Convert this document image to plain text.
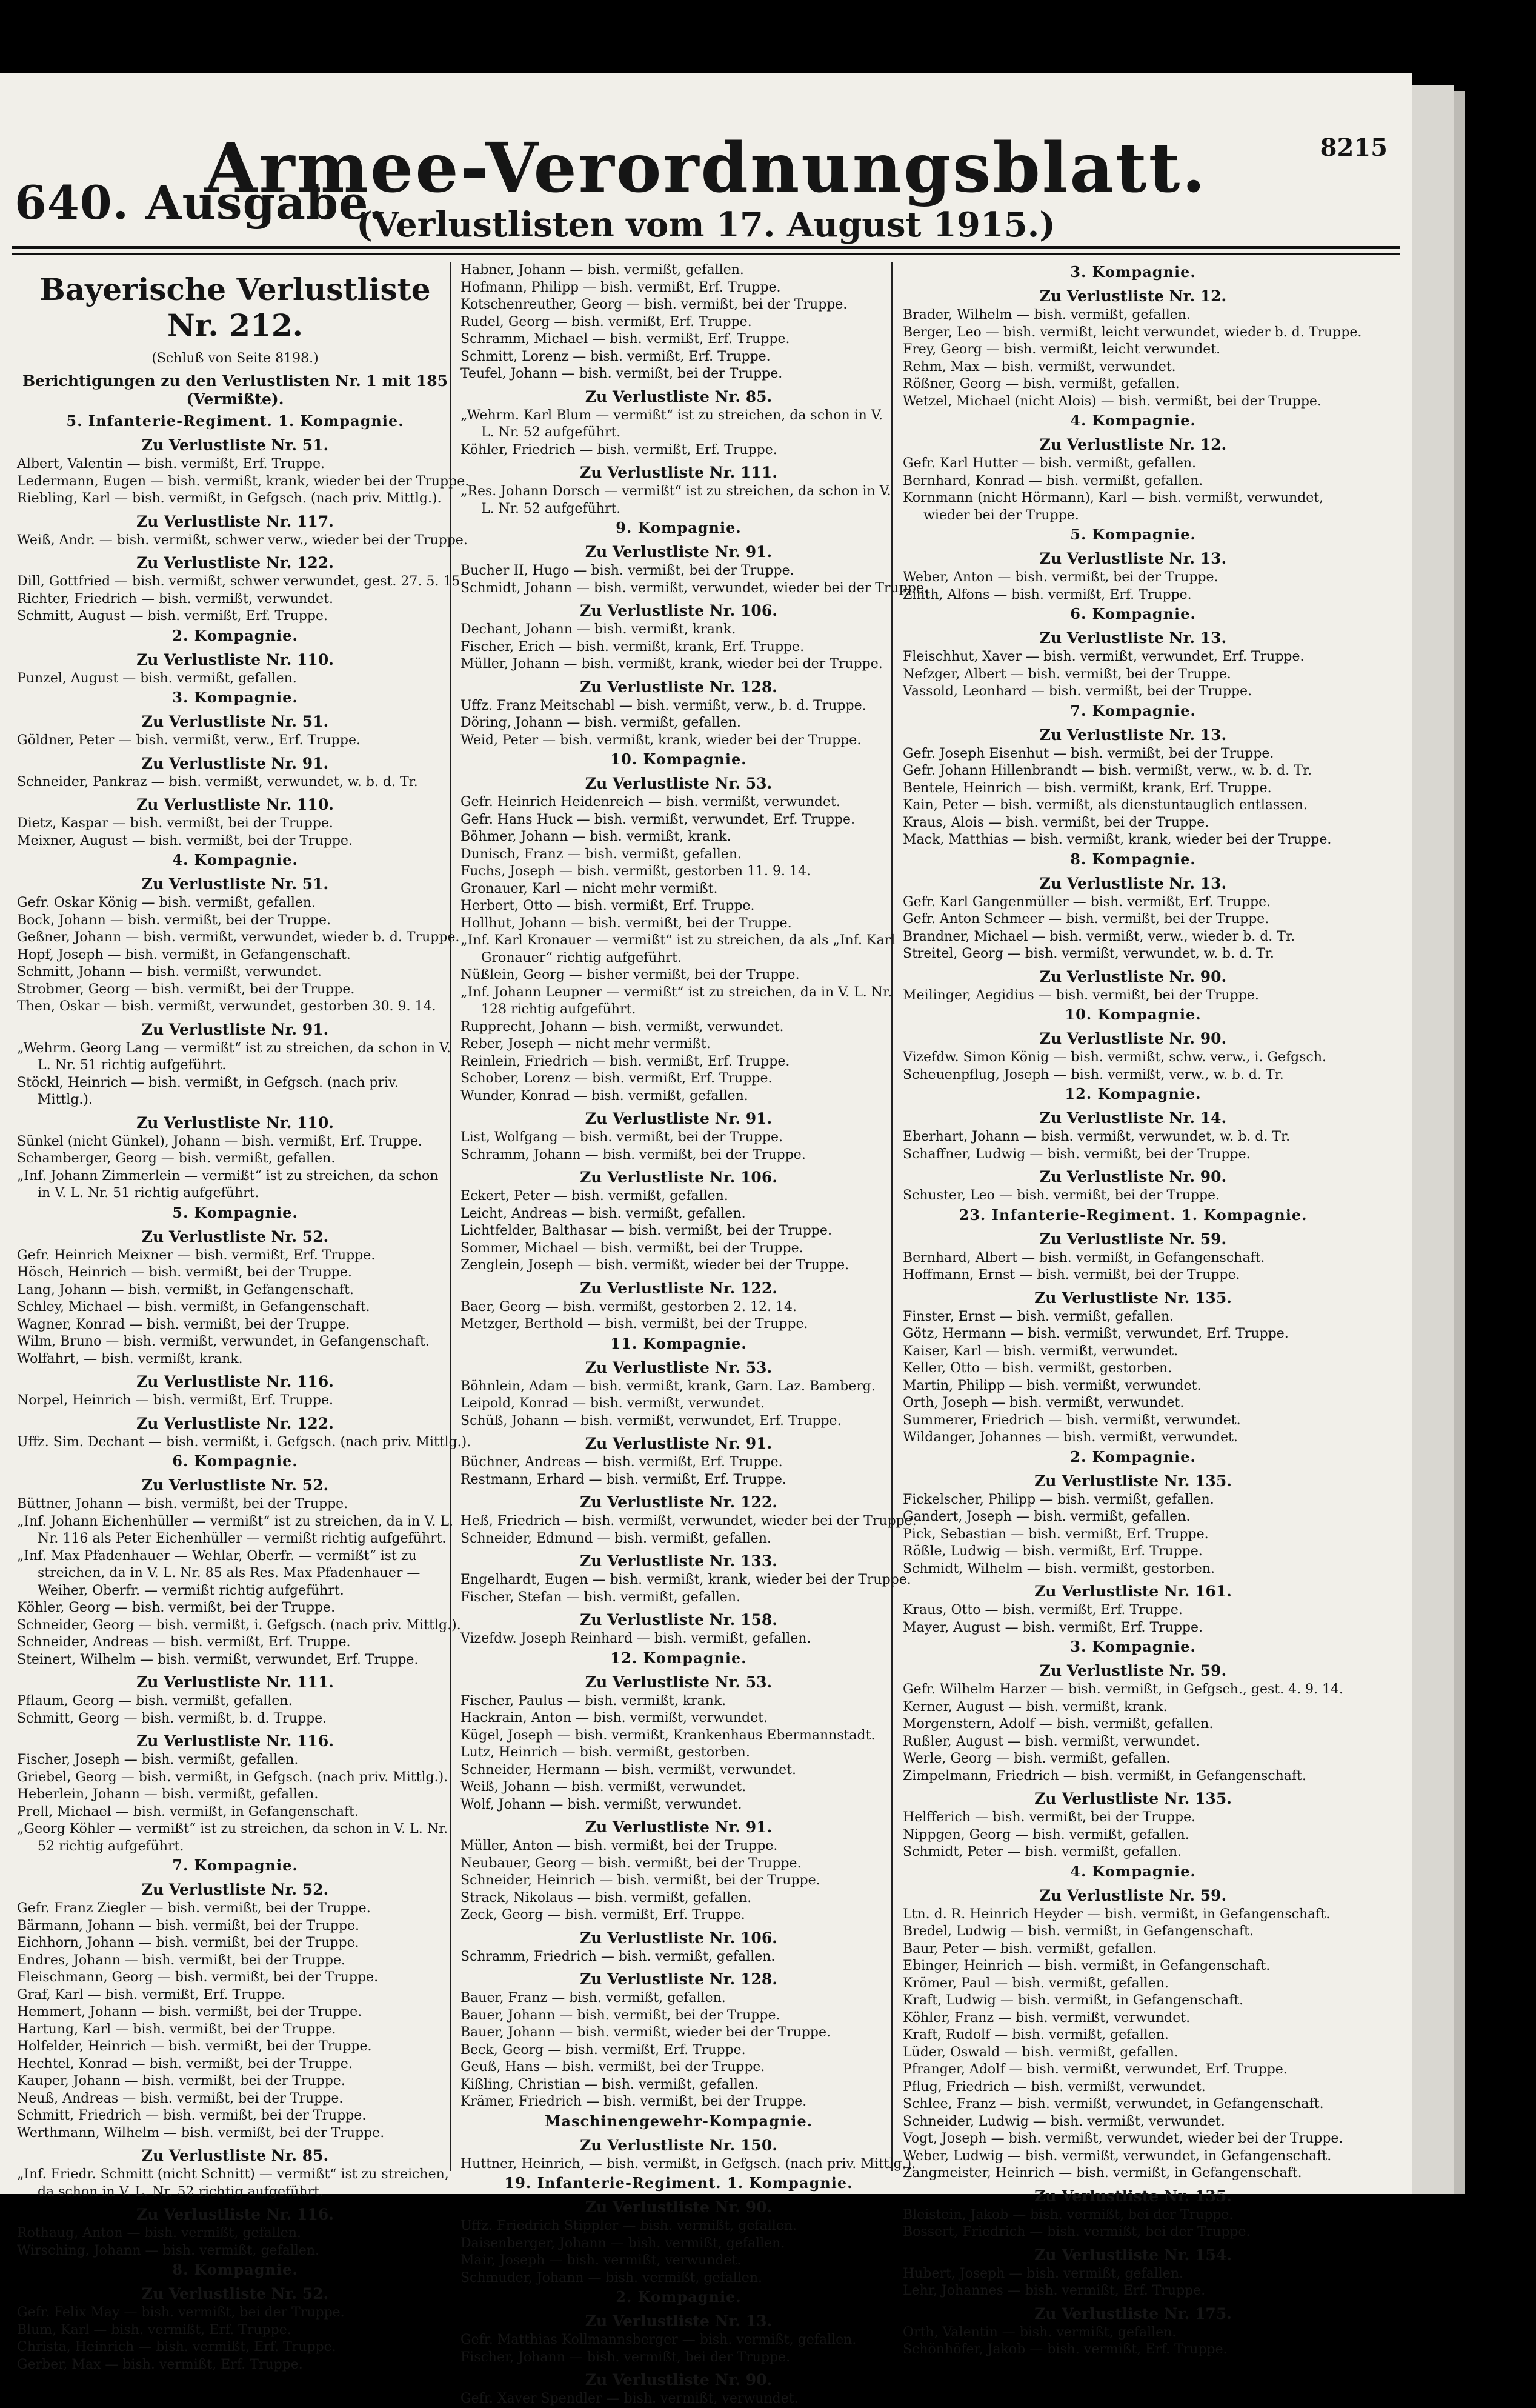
640. Ausgabe.
Armee-Verordnungsblatt.
(Verlustlisten vom 17. August 1915.)
8215
Bayerische Verlustliste Nr. 212.
(Schluß von Seite 8198.)
Berichtigungen zu den Verlustlisten Nr. 1 mit 185 (Vermißte).
5. Infanterie-Regiment. 1. Kompagnie.
Zu Verlustliste Nr. 51.
Albert, Valentin — bish. vermißt, Erf. Truppe.
Ledermann, Eugen — bish. vermißt, krank, wieder bei der Truppe.
Riebling, Karl — bish. vermißt, in Gefgsch. (nach priv. Mittlg.).
Zu Verlustliste Nr. 117.
Weiß, Andr. — bish. vermißt, schwer verw., wieder bei der Truppe.
Zu Verlustliste Nr. 122.
Dill, Gottfried — bish. vermißt, schwer verwundet, gest. 27. 5. 15.
Richter, Friedrich — bish. vermißt, verwundet.
Schmitt, August — bish. vermißt, Erf. Truppe.
2. Kompagnie.
Zu Verlustliste Nr. 110.
Punzel, August — bish. vermißt, gefallen.
3. Kompagnie.
Zu Verlustliste Nr. 51.
Göldner, Peter — bish. vermißt, verw., Erf. Truppe.
Zu Verlustliste Nr. 91.
Schneider, Pankraz — bish. vermißt, verwundet, w. b. d. Tr.
Zu Verlustliste Nr. 110.
Dietz, Kaspar — bish. vermißt, bei der Truppe.
Meixner, August — bish. vermißt, bei der Truppe.
4. Kompagnie.
Zu Verlustliste Nr. 51.
Gefr. Oskar König — bish. vermißt, gefallen.
Bock, Johann — bish. vermißt, bei der Truppe.
Geßner, Johann — bish. vermißt, verwundet, wieder b. d. Truppe.
Hopf, Joseph — bish. vermißt, in Gefangenschaft.
Schmitt, Johann — bish. vermißt, verwundet.
Strobmer, Georg — bish. vermißt, bei der Truppe.
Then, Oskar — bish. vermißt, verwundet, gestorben 30. 9. 14.
Zu Verlustliste Nr. 91.
„Wehrm. Georg Lang — vermißt“ ist zu streichen, da schon in V. L. Nr. 51 richtig aufgeführt.
Stöckl, Heinrich — bish. vermißt, in Gefgsch. (nach priv. Mittlg.).
Zu Verlustliste Nr. 110.
Sünkel (nicht Günkel), Johann — bish. vermißt, Erf. Truppe.
Schamberger, Georg — bish. vermißt, gefallen.
„Inf. Johann Zimmerlein — vermißt“ ist zu streichen, da schon in V. L. Nr. 51 richtig aufgeführt.
5. Kompagnie.
Zu Verlustliste Nr. 52.
Gefr. Heinrich Meixner — bish. vermißt, Erf. Truppe.
Hösch, Heinrich — bish. vermißt, bei der Truppe.
Lang, Johann — bish. vermißt, in Gefangenschaft.
Schley, Michael — bish. vermißt, in Gefangenschaft.
Wagner, Konrad — bish. vermißt, bei der Truppe.
Wilm, Bruno — bish. vermißt, verwundet, in Gefangenschaft.
Wolfahrt, — bish. vermißt, krank.
Zu Verlustliste Nr. 116.
Norpel, Heinrich — bish. vermißt, Erf. Truppe.
Zu Verlustliste Nr. 122.
Uffz. Sim. Dechant — bish. vermißt, i. Gefgsch. (nach priv. Mittlg.).
6. Kompagnie.
Zu Verlustliste Nr. 52.
Büttner, Johann — bish. vermißt, bei der Truppe.
„Inf. Johann Eichenhüller — vermißt“ ist zu streichen, da in V. L. Nr. 116 als Peter Eichenhüller — vermißt richtig aufgeführt.
„Inf. Max Pfadenhauer — Wehlar, Oberfr. — vermißt“ ist zu streichen, da in V. L. Nr. 85 als Res. Max Pfadenhauer — Weiher, Oberfr. — vermißt richtig aufgeführt.
Köhler, Georg — bish. vermißt, bei der Truppe.
Schneider, Georg — bish. vermißt, i. Gefgsch. (nach priv. Mittlg.).
Schneider, Andreas — bish. vermißt, Erf. Truppe.
Steinert, Wilhelm — bish. vermißt, verwundet, Erf. Truppe.
Zu Verlustliste Nr. 111.
Pflaum, Georg — bish. vermißt, gefallen.
Schmitt, Georg — bish. vermißt, b. d. Truppe.
Zu Verlustliste Nr. 116.
Fischer, Joseph — bish. vermißt, gefallen.
Griebel, Georg — bish. vermißt, in Gefgsch. (nach priv. Mittlg.).
Heberlein, Johann — bish. vermißt, gefallen.
Prell, Michael — bish. vermißt, in Gefangenschaft.
„Georg Köhler — vermißt“ ist zu streichen, da schon in V. L. Nr. 52 richtig aufgeführt.
7. Kompagnie.
Zu Verlustliste Nr. 52.
Gefr. Franz Ziegler — bish. vermißt, bei der Truppe.
Bärmann, Johann — bish. vermißt, bei der Truppe.
Eichhorn, Johann — bish. vermißt, bei der Truppe.
Endres, Johann — bish. vermißt, bei der Truppe.
Fleischmann, Georg — bish. vermißt, bei der Truppe.
Graf, Karl — bish. vermißt, Erf. Truppe.
Hemmert, Johann — bish. vermißt, bei der Truppe.
Hartung, Karl — bish. vermißt, bei der Truppe.
Holfelder, Heinrich — bish. vermißt, bei der Truppe.
Hechtel, Konrad — bish. vermißt, bei der Truppe.
Kauper, Johann — bish. vermißt, bei der Truppe.
Neuß, Andreas — bish. vermißt, bei der Truppe.
Schmitt, Friedrich — bish. vermißt, bei der Truppe.
Werthmann, Wilhelm — bish. vermißt, bei der Truppe.
Zu Verlustliste Nr. 85.
„Inf. Friedr. Schmitt (nicht Schnitt) — vermißt“ ist zu streichen, da schon in V. L. Nr. 52 richtig aufgeführt.
Zu Verlustliste Nr. 116.
Rothaug, Anton — bish. vermißt, gefallen.
Wirsching, Johann — bish. vermißt, gefallen.
8. Kompagnie.
Zu Verlustliste Nr. 52.
Gefr. Felix May — bish. vermißt, bei der Truppe.
Blum, Karl — bish. vermißt, Erf. Truppe.
Christa, Heinrich — bish. vermißt, Erf. Truppe.
Gerber, Max — bish. vermißt, Erf. Truppe.
Habner, Johann — bish. vermißt, gefallen.
Hofmann, Philipp — bish. vermißt, Erf. Truppe.
Kotschenreuther, Georg — bish. vermißt, bei der Truppe.
Rudel, Georg — bish. vermißt, Erf. Truppe.
Schramm, Michael — bish. vermißt, Erf. Truppe.
Schmitt, Lorenz — bish. vermißt, Erf. Truppe.
Teufel, Johann — bish. vermißt, bei der Truppe.
Zu Verlustliste Nr. 85.
„Wehrm. Karl Blum — vermißt“ ist zu streichen, da schon in V. L. Nr. 52 aufgeführt.
Köhler, Friedrich — bish. vermißt, Erf. Truppe.
Zu Verlustliste Nr. 111.
„Res. Johann Dorsch — vermißt“ ist zu streichen, da schon in V. L. Nr. 52 aufgeführt.
9. Kompagnie.
Zu Verlustliste Nr. 91.
Bucher II, Hugo — bish. vermißt, bei der Truppe.
Schmidt, Johann — bish. vermißt, verwundet, wieder bei der Truppe.
Zu Verlustliste Nr. 106.
Dechant, Johann — bish. vermißt, krank.
Fischer, Erich — bish. vermißt, krank, Erf. Truppe.
Müller, Johann — bish. vermißt, krank, wieder bei der Truppe.
Zu Verlustliste Nr. 128.
Uffz. Franz Meitschabl — bish. vermißt, verw., b. d. Truppe.
Döring, Johann — bish. vermißt, gefallen.
Weid, Peter — bish. vermißt, krank, wieder bei der Truppe.
10. Kompagnie.
Zu Verlustliste Nr. 53.
Gefr. Heinrich Heidenreich — bish. vermißt, verwundet.
Gefr. Hans Huck — bish. vermißt, verwundet, Erf. Truppe.
Böhmer, Johann — bish. vermißt, krank.
Dunisch, Franz — bish. vermißt, gefallen.
Fuchs, Joseph — bish. vermißt, gestorben 11. 9. 14.
Gronauer, Karl — nicht mehr vermißt.
Herbert, Otto — bish. vermißt, Erf. Truppe.
Hollhut, Johann — bish. vermißt, bei der Truppe.
„Inf. Karl Kronauer — vermißt“ ist zu streichen, da als „Inf. Karl Gronauer“ richtig aufgeführt.
Nüßlein, Georg — bisher vermißt, bei der Truppe.
„Inf. Johann Leupner — vermißt“ ist zu streichen, da in V. L. Nr. 128 richtig aufgeführt.
Rupprecht, Johann — bish. vermißt, verwundet.
Reber, Joseph — nicht mehr vermißt.
Reinlein, Friedrich — bish. vermißt, Erf. Truppe.
Schober, Lorenz — bish. vermißt, Erf. Truppe.
Wunder, Konrad — bish. vermißt, gefallen.
Zu Verlustliste Nr. 91.
List, Wolfgang — bish. vermißt, bei der Truppe.
Schramm, Johann — bish. vermißt, bei der Truppe.
Zu Verlustliste Nr. 106.
Eckert, Peter — bish. vermißt, gefallen.
Leicht, Andreas — bish. vermißt, gefallen.
Lichtfelder, Balthasar — bish. vermißt, bei der Truppe.
Sommer, Michael — bish. vermißt, bei der Truppe.
Zenglein, Joseph — bish. vermißt, wieder bei der Truppe.
Zu Verlustliste Nr. 122.
Baer, Georg — bish. vermißt, gestorben 2. 12. 14.
Metzger, Berthold — bish. vermißt, bei der Truppe.
11. Kompagnie.
Zu Verlustliste Nr. 53.
Böhnlein, Adam — bish. vermißt, krank, Garn. Laz. Bamberg.
Leipold, Konrad — bish. vermißt, verwundet.
Schüß, Johann — bish. vermißt, verwundet, Erf. Truppe.
Zu Verlustliste Nr. 91.
Büchner, Andreas — bish. vermißt, Erf. Truppe.
Restmann, Erhard — bish. vermißt, Erf. Truppe.
Zu Verlustliste Nr. 122.
Heß, Friedrich — bish. vermißt, verwundet, wieder bei der Truppe.
Schneider, Edmund — bish. vermißt, gefallen.
Zu Verlustliste Nr. 133.
Engelhardt, Eugen — bish. vermißt, krank, wieder bei der Truppe.
Fischer, Stefan — bish. vermißt, gefallen.
Zu Verlustliste Nr. 158.
Vizefdw. Joseph Reinhard — bish. vermißt, gefallen.
12. Kompagnie.
Zu Verlustliste Nr. 53.
Fischer, Paulus — bish. vermißt, krank.
Hackrain, Anton — bish. vermißt, verwundet.
Kügel, Joseph — bish. vermißt, Krankenhaus Ebermannstadt.
Lutz, Heinrich — bish. vermißt, gestorben.
Schneider, Hermann — bish. vermißt, verwundet.
Weiß, Johann — bish. vermißt, verwundet.
Wolf, Johann — bish. vermißt, verwundet.
Zu Verlustliste Nr. 91.
Müller, Anton — bish. vermißt, bei der Truppe.
Neubauer, Georg — bish. vermißt, bei der Truppe.
Schneider, Heinrich — bish. vermißt, bei der Truppe.
Strack, Nikolaus — bish. vermißt, gefallen.
Zeck, Georg — bish. vermißt, Erf. Truppe.
Zu Verlustliste Nr. 106.
Schramm, Friedrich — bish. vermißt, gefallen.
Zu Verlustliste Nr. 128.
Bauer, Franz — bish. vermißt, gefallen.
Bauer, Johann — bish. vermißt, bei der Truppe.
Bauer, Johann — bish. vermißt, wieder bei der Truppe.
Beck, Georg — bish. vermißt, Erf. Truppe.
Geuß, Hans — bish. vermißt, bei der Truppe.
Kißling, Christian — bish. vermißt, gefallen.
Krämer, Friedrich — bish. vermißt, bei der Truppe.
Maschinengewehr-Kompagnie.
Zu Verlustliste Nr. 150.
Huttner, Heinrich, — bish. vermißt, in Gefgsch. (nach priv. Mittlg.).
19. Infanterie-Regiment. 1. Kompagnie.
Zu Verlustliste Nr. 90.
Uffz. Friedrich Stippler — bish. vermißt, gefallen.
Daisenberger, Johann — bish. vermißt, gefallen.
Mair, Joseph — bish. vermißt, verwundet.
Schmuder, Johann — bish. vermißt, gefallen.
2. Kompagnie.
Zu Verlustliste Nr. 13.
Gefr. Matthias Kollmannsberger — bish. vermißt, gefallen.
Fischer, Johann — bish. vermißt, bei der Truppe.
Zu Verlustliste Nr. 90.
Gefr. Xaver Spendler — bish. vermißt, verwundet.
3. Kompagnie.
Zu Verlustliste Nr. 12.
Brader, Wilhelm — bish. vermißt, gefallen.
Berger, Leo — bish. vermißt, leicht verwundet, wieder b. d. Truppe.
Frey, Georg — bish. vermißt, leicht verwundet.
Rehm, Max — bish. vermißt, verwundet.
Rößner, Georg — bish. vermißt, gefallen.
Wetzel, Michael (nicht Alois) — bish. vermißt, bei der Truppe.
4. Kompagnie.
Zu Verlustliste Nr. 12.
Gefr. Karl Hutter — bish. vermißt, gefallen.
Bernhard, Konrad — bish. vermißt, gefallen.
Kornmann (nicht Hörmann), Karl — bish. vermißt, verwundet, wieder bei der Truppe.
5. Kompagnie.
Zu Verlustliste Nr. 13.
Weber, Anton — bish. vermißt, bei der Truppe.
Zinth, Alfons — bish. vermißt, Erf. Truppe.
6. Kompagnie.
Zu Verlustliste Nr. 13.
Fleischhut, Xaver — bish. vermißt, verwundet, Erf. Truppe.
Nefzger, Albert — bish. vermißt, bei der Truppe.
Vassold, Leonhard — bish. vermißt, bei der Truppe.
7. Kompagnie.
Zu Verlustliste Nr. 13.
Gefr. Joseph Eisenhut — bish. vermißt, bei der Truppe.
Gefr. Johann Hillenbrandt — bish. vermißt, verw., w. b. d. Tr.
Bentele, Heinrich — bish. vermißt, krank, Erf. Truppe.
Kain, Peter — bish. vermißt, als dienstuntauglich entlassen.
Kraus, Alois — bish. vermißt, bei der Truppe.
Mack, Matthias — bish. vermißt, krank, wieder bei der Truppe.
8. Kompagnie.
Zu Verlustliste Nr. 13.
Gefr. Karl Gangenmüller — bish. vermißt, Erf. Truppe.
Gefr. Anton Schmeer — bish. vermißt, bei der Truppe.
Brandner, Michael — bish. vermißt, verw., wieder b. d. Tr.
Streitel, Georg — bish. vermißt, verwundet, w. b. d. Tr.
Zu Verlustliste Nr. 90.
Meilinger, Aegidius — bish. vermißt, bei der Truppe.
10. Kompagnie.
Zu Verlustliste Nr. 90.
Vizefdw. Simon König — bish. vermißt, schw. verw., i. Gefgsch.
Scheuenpflug, Joseph — bish. vermißt, verw., w. b. d. Tr.
12. Kompagnie.
Zu Verlustliste Nr. 14.
Eberhart, Johann — bish. vermißt, verwundet, w. b. d. Tr.
Schaffner, Ludwig — bish. vermißt, bei der Truppe.
Zu Verlustliste Nr. 90.
Schuster, Leo — bish. vermißt, bei der Truppe.
23. Infanterie-Regiment. 1. Kompagnie.
Zu Verlustliste Nr. 59.
Bernhard, Albert — bish. vermißt, in Gefangenschaft.
Hoffmann, Ernst — bish. vermißt, bei der Truppe.
Zu Verlustliste Nr. 135.
Finster, Ernst — bish. vermißt, gefallen.
Götz, Hermann — bish. vermißt, verwundet, Erf. Truppe.
Kaiser, Karl — bish. vermißt, verwundet.
Keller, Otto — bish. vermißt, gestorben.
Martin, Philipp — bish. vermißt, verwundet.
Orth, Joseph — bish. vermißt, verwundet.
Summerer, Friedrich — bish. vermißt, verwundet.
Wildanger, Johannes — bish. vermißt, verwundet.
2. Kompagnie.
Zu Verlustliste Nr. 135.
Fickelscher, Philipp — bish. vermißt, gefallen.
Gandert, Joseph — bish. vermißt, gefallen.
Pick, Sebastian — bish. vermißt, Erf. Truppe.
Rößle, Ludwig — bish. vermißt, Erf. Truppe.
Schmidt, Wilhelm — bish. vermißt, gestorben.
Zu Verlustliste Nr. 161.
Kraus, Otto — bish. vermißt, Erf. Truppe.
Mayer, August — bish. vermißt, Erf. Truppe.
3. Kompagnie.
Zu Verlustliste Nr. 59.
Gefr. Wilhelm Harzer — bish. vermißt, in Gefgsch., gest. 4. 9. 14.
Kerner, August — bish. vermißt, krank.
Morgenstern, Adolf — bish. vermißt, gefallen.
Rußler, August — bish. vermißt, verwundet.
Werle, Georg — bish. vermißt, gefallen.
Zimpelmann, Friedrich — bish. vermißt, in Gefangenschaft.
Zu Verlustliste Nr. 135.
Helfferich — bish. vermißt, bei der Truppe.
Nippgen, Georg — bish. vermißt, gefallen.
Schmidt, Peter — bish. vermißt, gefallen.
4. Kompagnie.
Zu Verlustliste Nr. 59.
Ltn. d. R. Heinrich Heyder — bish. vermißt, in Gefangenschaft.
Bredel, Ludwig — bish. vermißt, in Gefangenschaft.
Baur, Peter — bish. vermißt, gefallen.
Ebinger, Heinrich — bish. vermißt, in Gefangenschaft.
Krömer, Paul — bish. vermißt, gefallen.
Kraft, Ludwig — bish. vermißt, in Gefangenschaft.
Köhler, Franz — bish. vermißt, verwundet.
Kraft, Rudolf — bish. vermißt, gefallen.
Lüder, Oswald — bish. vermißt, gefallen.
Pfranger, Adolf — bish. vermißt, verwundet, Erf. Truppe.
Pflug, Friedrich — bish. vermißt, verwundet.
Schlee, Franz — bish. vermißt, verwundet, in Gefangenschaft.
Schneider, Ludwig — bish. vermißt, verwundet.
Vogt, Joseph — bish. vermißt, verwundet, wieder bei der Truppe.
Weber, Ludwig — bish. vermißt, verwundet, in Gefangenschaft.
Zangmeister, Heinrich — bish. vermißt, in Gefangenschaft.
Zu Verlustliste Nr. 135.
Bleistein, Jakob — bish. vermißt, bei der Truppe.
Bossert, Friedrich — bish. vermißt, bei der Truppe.
Zu Verlustliste Nr. 154.
Hubert, Joseph — bish. vermißt, gefallen.
Lehr, Johannes — bish. vermißt, Erf. Truppe.
Zu Verlustliste Nr. 175.
Orth, Valentin — bish. vermißt, gefallen.
Schönhöfer, Jakob — bish. vermißt, Erf. Truppe.
